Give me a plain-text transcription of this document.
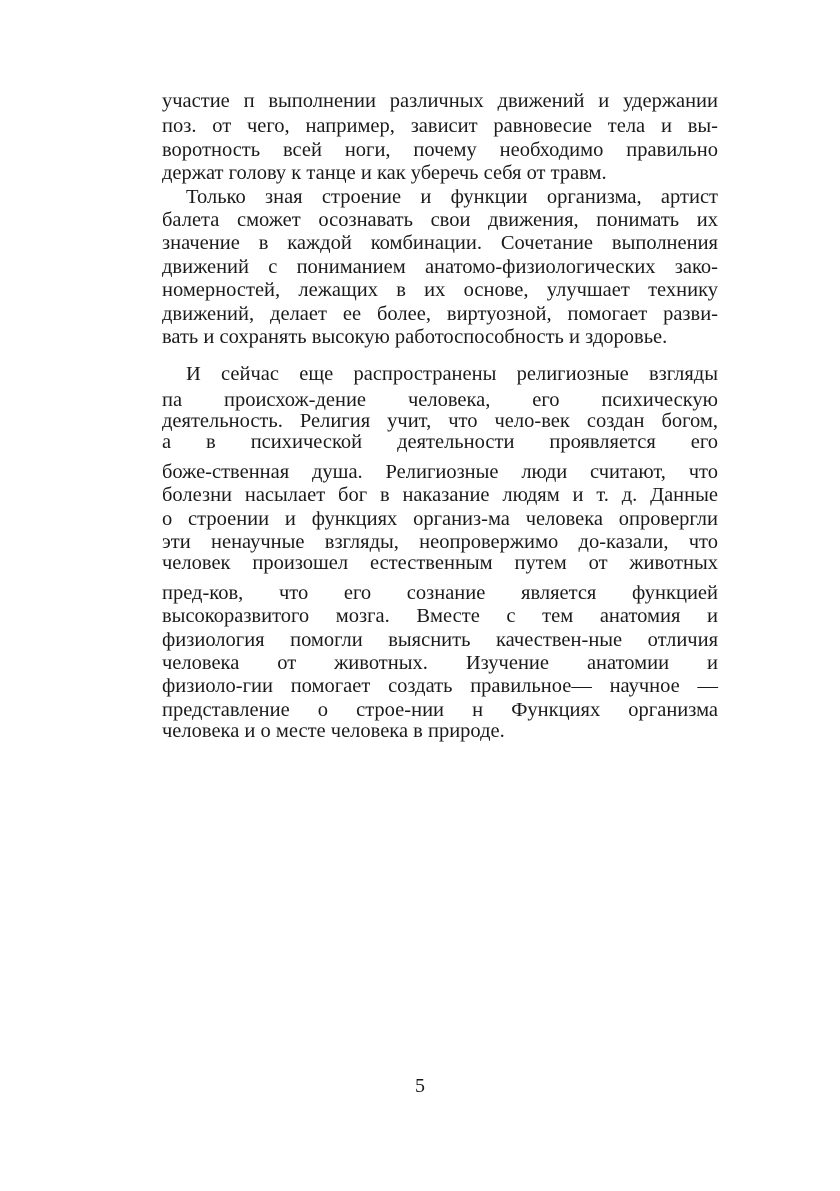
участие п выполнении различных движений и удержании
поз. от чего, например, зависит равновесие тела и вы-
воротность всей ноги, почему необходимо правильно
держат голову к танце и как уберечь себя от травм.
Только зная строение и функции организма, артист
балета сможет осознавать свои движения, понимать их
значение в каждой комбинации. Сочетание выполнения
движений с пониманием анатомо-физиологических зако-
номерностей, лежащих в их основе, улучшает технику
движений, делает ее более, виртуозной, помогает разви-
вать и сохранять высокую работоспособность и здоровье.
И сейчас еще распространены религиозные взгляды
па происхож-дение человека, его психическую
деятельность. Религия учит, что чело-век создан богом,
а в психической деятельности проявляется его
боже-ственная душа. Религиозные люди считают, что
болезни насылает бог в наказание людям и т. д. Данные
о строении и функциях организ-ма человека опровергли
эти ненаучные взгляды, неопровержимо до-казали, что
человек произошел естественным путем от животных
пред-ков, что его сознание является функцией
высокоразвитого мозга. Вместе с тем анатомия и
физиология помогли выяснить качествен-ные отличия
человека от животных. Изучение анатомии и
физиоло-гии помогает создать правильное— научное —
представление о строе-нии н Функциях организма
человека и о месте человека в природе.
5
